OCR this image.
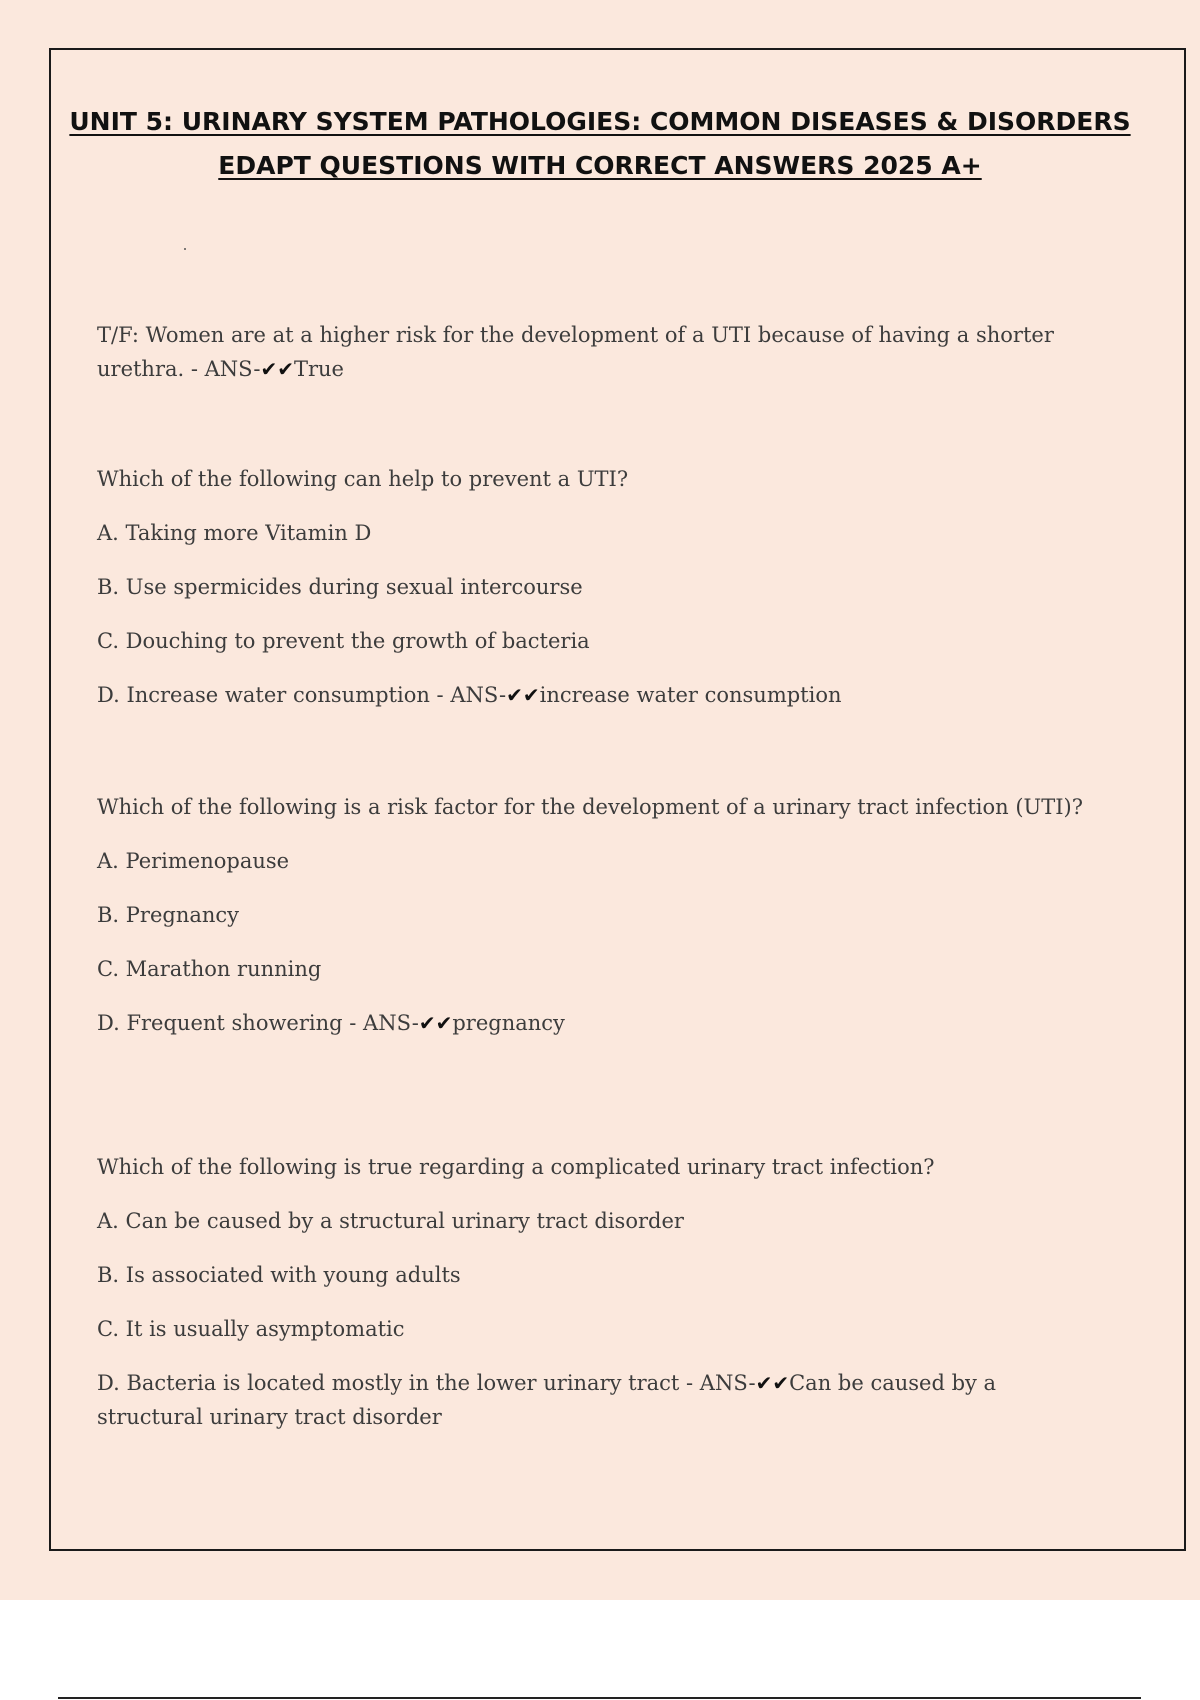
UNIT 5: URINARY SYSTEM PATHOLOGIES: COMMON DISEASES & DISORDERS EDAPT QUESTIONS WITH CORRECT ANSWERS 2025 A+

T/F: Women are at a higher risk for the development of a UTI because of having a shorter urethra. - ANS-✔✔True

Which of the following can help to prevent a UTI?

A. Taking more Vitamin D

B. Use spermicides during sexual intercourse

C. Douching to prevent the growth of bacteria

D. Increase water consumption - ANS-✔✔increase water consumption

Which of the following is a risk factor for the development of a urinary tract infection (UTI)?

A. Perimenopause

B. Pregnancy

C. Marathon running

D. Frequent showering - ANS-✔✔pregnancy

Which of the following is true regarding a complicated urinary tract infection?

A. Can be caused by a structural urinary tract disorder

B. Is associated with young adults

C. It is usually asymptomatic

D. Bacteria is located mostly in the lower urinary tract - ANS-✔✔Can be caused by a structural urinary tract disorder
